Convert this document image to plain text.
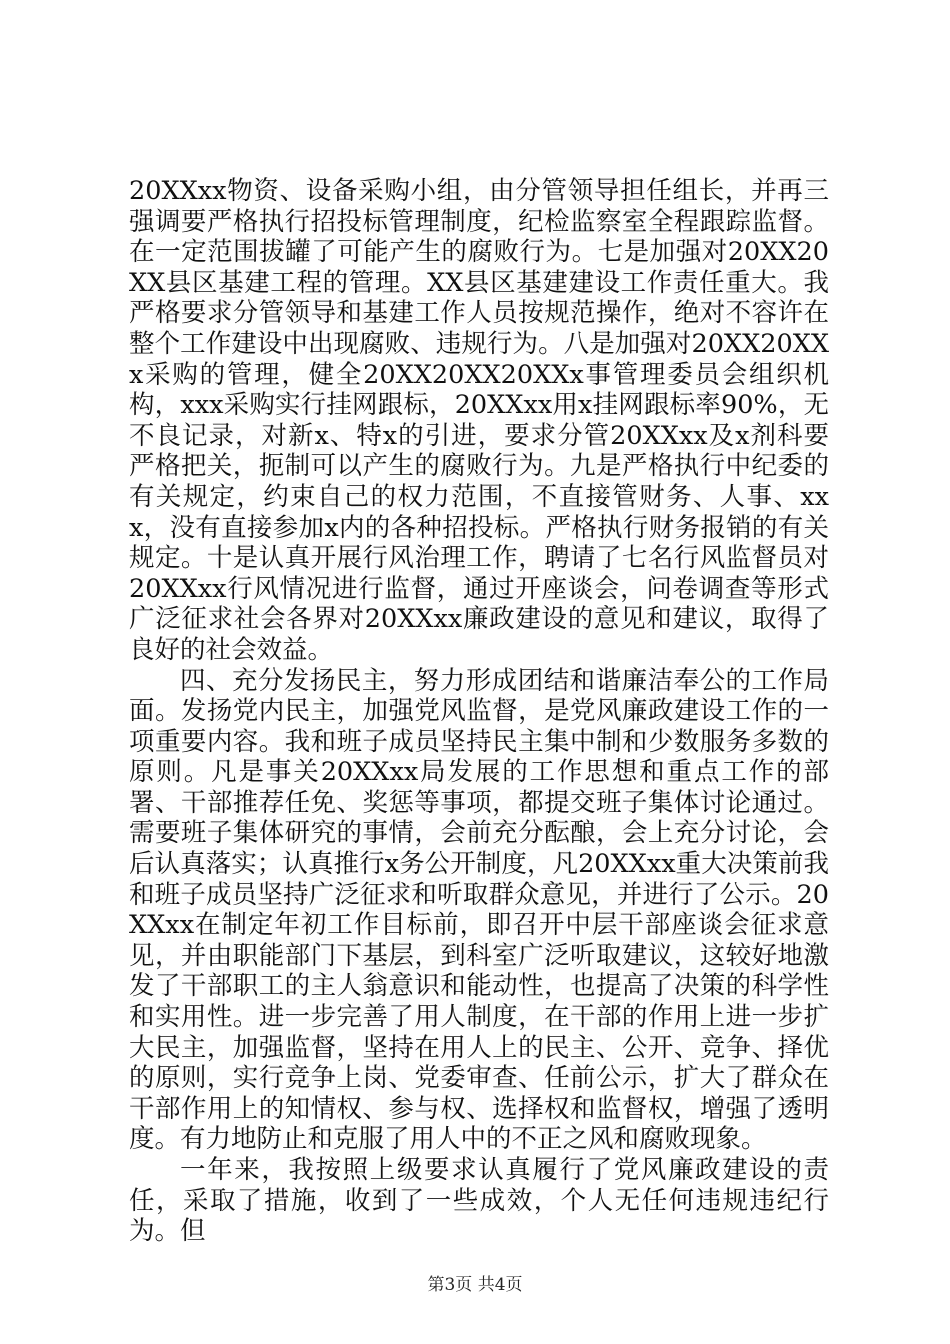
20XXxx物资、设备采购小组，由分管领导担任组长，并再三强调要严格执行招投标管理制度，纪检监察室全程跟踪监督。在一定范围拔罐了可能产生的腐败行为。七是加强对20XX20XX县区基建工程的管理。XX县区基建建设工作责任重大。我严格要求分管领导和基建工作人员按规范操作，绝对不容许在整个工作建设中出现腐败、违规行为。八是加强对20XX20XXx采购的管理，健全20XX20XX20XXx事管理委员会组织机构，xxx采购实行挂网跟标，20XXxx用x挂网跟标率90%，无不良记录，对新x、特x的引进，要求分管20XXxx及x剂科要严格把关，扼制可以产生的腐败行为。九是严格执行中纪委的有关规定，约束自己的权力范围，不直接管财务、人事、xxx，没有直接参加x内的各种招投标。严格执行财务报销的有关规定。十是认真开展行风治理工作，聘请了七名行风监督员对20XXxx行风情况进行监督，通过开座谈会，问卷调查等形式广泛征求社会各界对20XXxx廉政建设的意见和建议，取得了良好的社会效益。

四、充分发扬民主，努力形成团结和谐廉洁奉公的工作局面。发扬党内民主，加强党风监督，是党风廉政建设工作的一项重要内容。我和班子成员坚持民主集中制和少数服务多数的原则。凡是事关20XXxx局发展的工作思想和重点工作的部署、干部推荐任免、奖惩等事项，都提交班子集体讨论通过。需要班子集体研究的事情，会前充分酝酿，会上充分讨论，会后认真落实；认真推行x务公开制度，凡20XXxx重大决策前我和班子成员坚持广泛征求和听取群众意见，并进行了公示。20XXxx在制定年初工作目标前，即召开中层干部座谈会征求意见，并由职能部门下基层，到科室广泛听取建议，这较好地激发了干部职工的主人翁意识和能动性，也提高了决策的科学性和实用性。进一步完善了用人制度，在干部的作用上进一步扩大民主，加强监督，坚持在用人上的民主、公开、竞争、择优的原则，实行竞争上岗、党委审查、任前公示，扩大了群众在干部作用上的知情权、参与权、选择权和监督权，增强了透明度。有力地防止和克服了用人中的不正之风和腐败现象。

一年来，我按照上级要求认真履行了党风廉政建设的责任，采取了措施，收到了一些成效，个人无任何违规违纪行为。但

第3页 共4页
